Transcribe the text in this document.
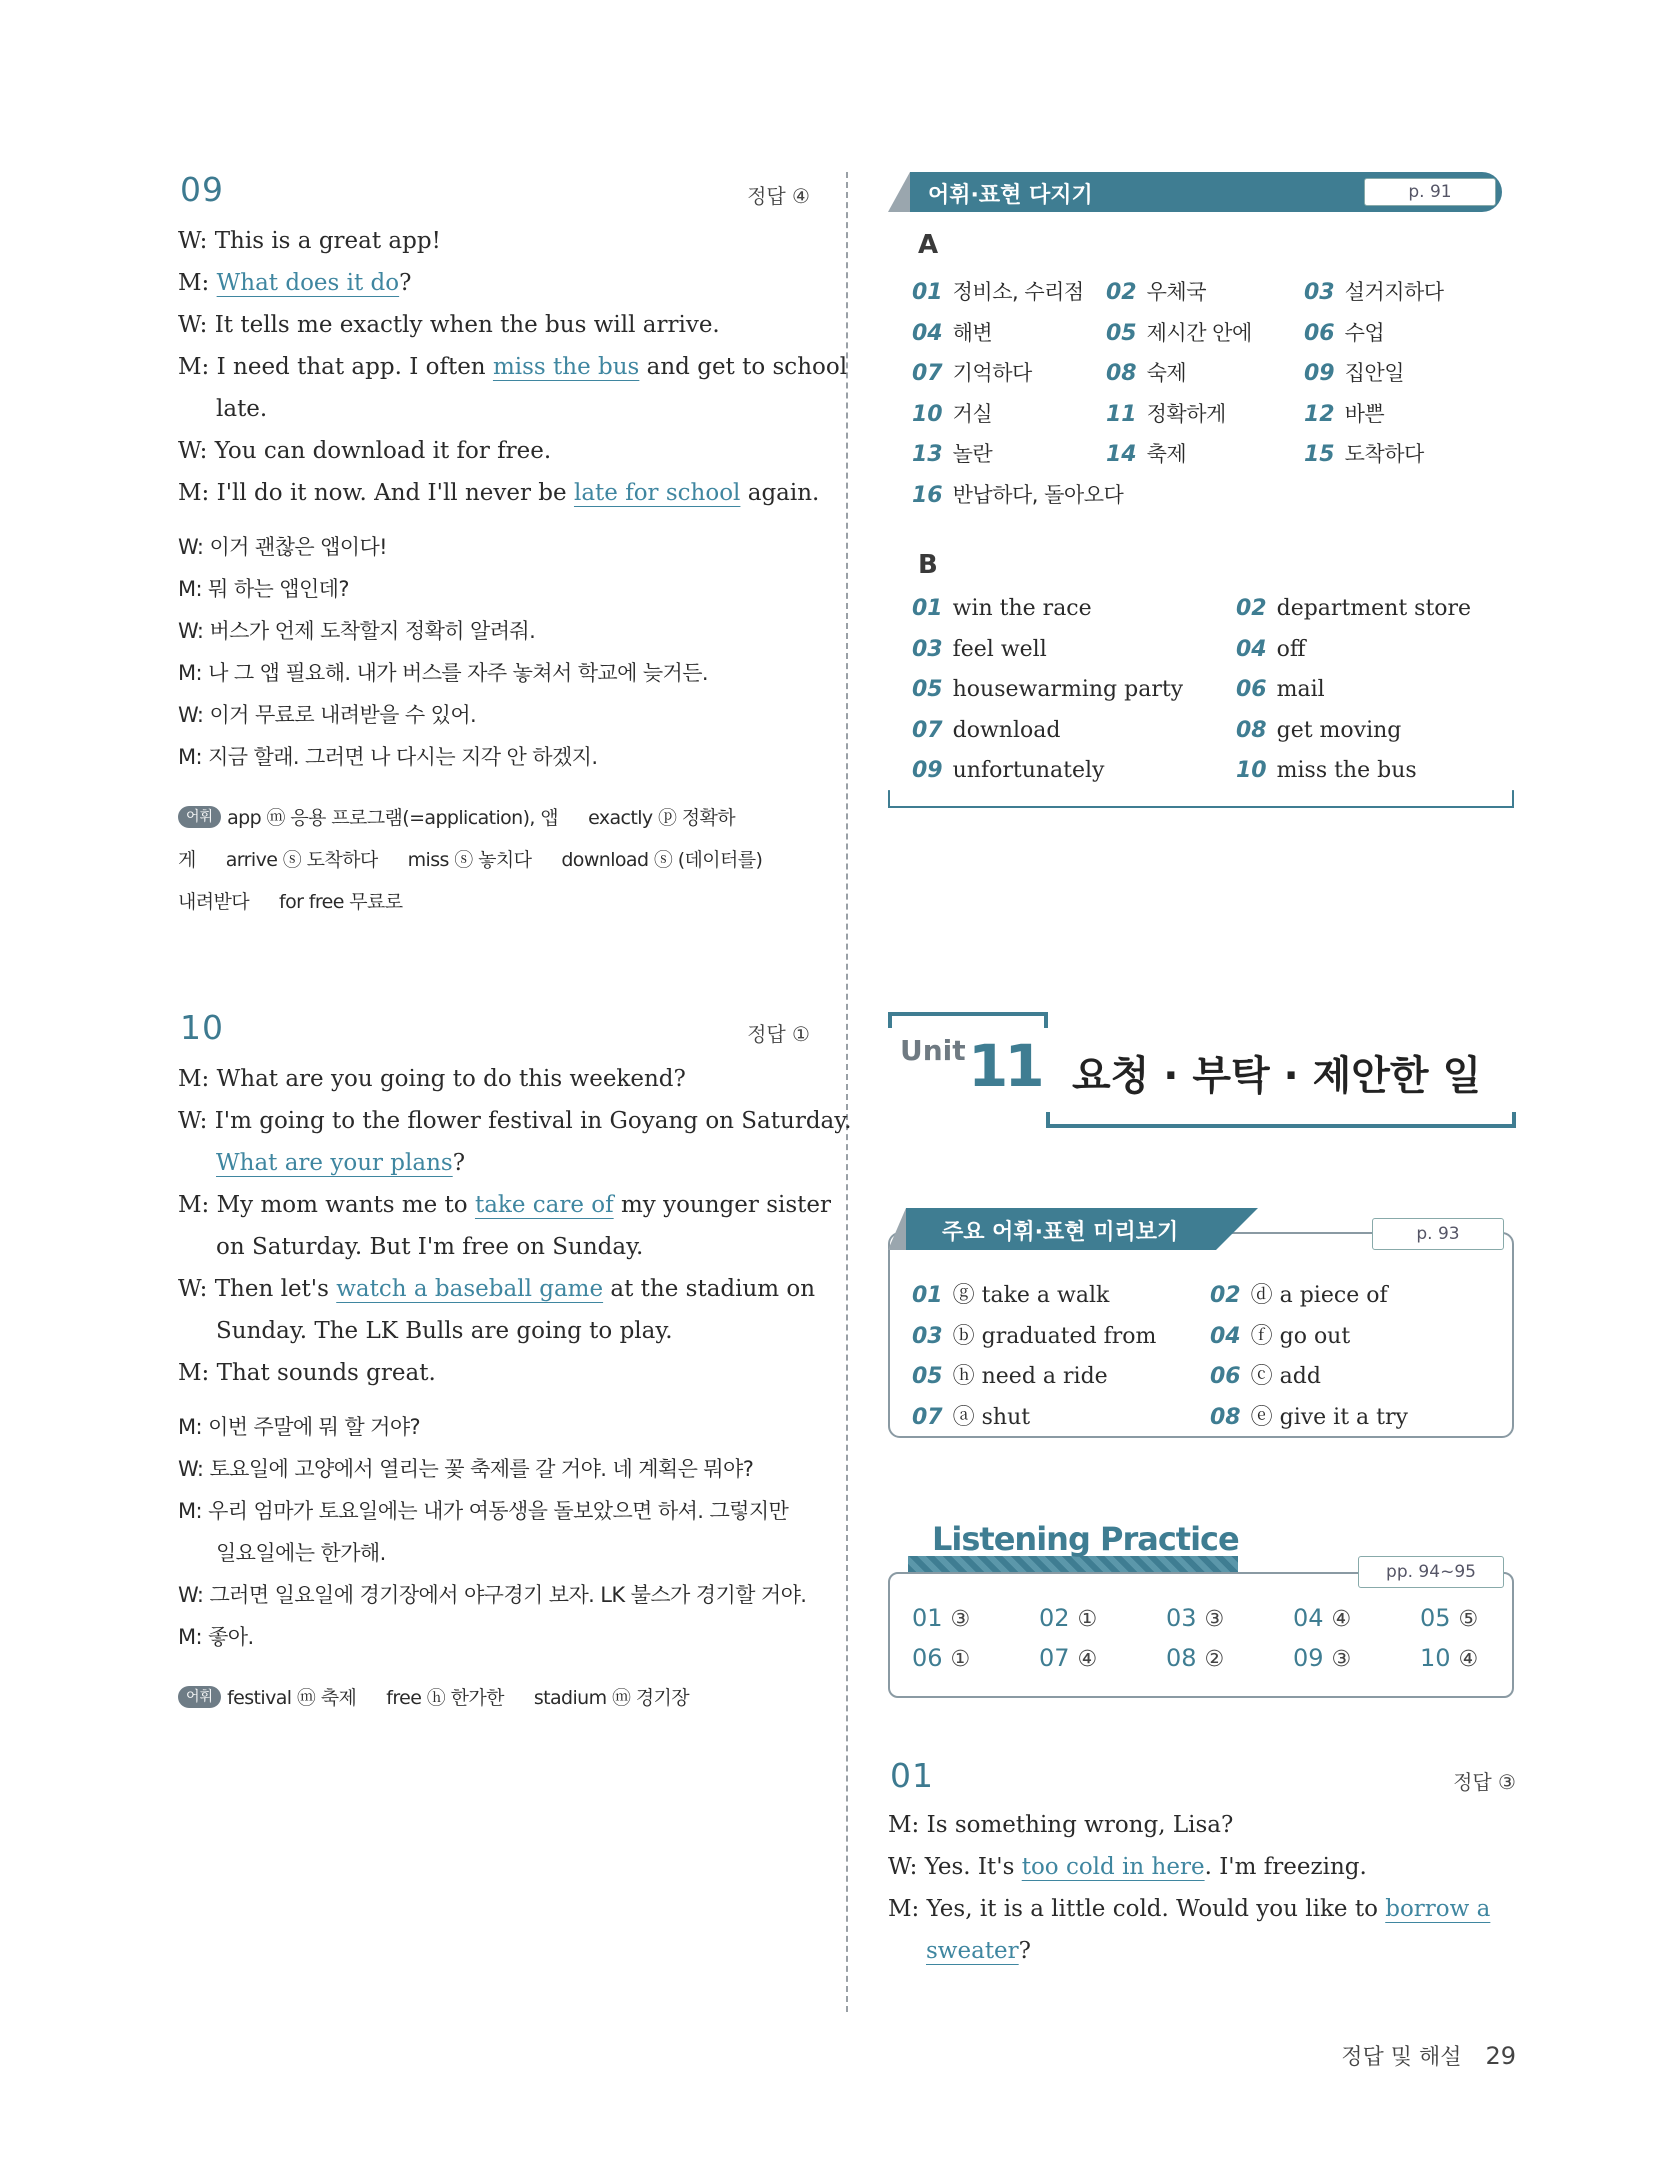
09	정답 ④
W: This is a great app!
M: What does it do?
W: It tells me exactly when the bus will arrive.
M: I need that app. I often miss the bus and get to school
late.
W: You can download it for free.
M: I'll do it now. And I'll never be late for school again.
W: 이거 괜찮은 앱이다!
M: 뭐 하는 앱인데?
W: 버스가 언제 도착할지 정확히 알려줘.
M: 나 그 앱 필요해. 내가 버스를 자주 놓쳐서 학교에 늦거든.
W: 이거 무료로 내려받을 수 있어.
M: 지금 할래. 그러면 나 다시는 지각 안 하겠지.
어휘 app ⓜ 응용 프로그램(=application), 앱 exactly ⓟ 정확하
게 arrive ⓢ 도착하다 miss ⓢ 놓치다 download ⓢ (데이터를)
내려받다 for free 무료로
10	정답 ①
M: What are you going to do this weekend?
W: I'm going to the flower festival in Goyang on Saturday.
What are your plans?
M: My mom wants me to take care of my younger sister
on Saturday. But I'm free on Sunday.
W: Then let's watch a baseball game at the stadium on
Sunday. The LK Bulls are going to play.
M: That sounds great.
M: 이번 주말에 뭐 할 거야?
W: 토요일에 고양에서 열리는 꽃 축제를 갈 거야. 네 계획은 뭐야?
M: 우리 엄마가 토요일에는 내가 여동생을 돌보았으면 하셔. 그렇지만
일요일에는 한가해.
W: 그러면 일요일에 경기장에서 야구경기 보자. LK 불스가 경기할 거야.
M: 좋아.
어휘 festival ⓜ 축제 free ⓗ 한가한 stadium ⓜ 경기장
어휘·표현 다지기	p. 91
A
01 정비소, 수리점 02 우체국	03 설거지하다
04 해변	05 제시간 안에 06 수업
07 기억하다	08 숙제	09 집안일
10 거실	11 정확하게	12 바쁜
13 놀란	14 축제	15 도착하다
16 반납하다, 돌아오다
B
01 win the race	02 department store
03 feel well	04 off
05 housewarming party 06 mail
07 download	08 get moving
09 unfortunately	10 miss the bus
Unit 11 요청 · 부탁 · 제안한 일
주요 어휘·표현 미리보기	p. 93
01 ⓖ take a walk	02 ⓓ a piece of
03 ⓑ graduated from 04 ⓕ go out
05 ⓗ need a ride	06 ⓒ add
07 ⓐ shut	08 ⓔ give it a try
Listening Practice
pp. 94~95
01 ③	02 ①	03 ③	04 ④	05 ⑤
06 ①	07 ④	08 ②	09 ③	10 ④
01	정답 ③
M: Is something wrong, Lisa?
W: Yes. It's too cold in here. I'm freezing.
M: Yes, it is a little cold. Would you like to borrow a
sweater?
정답 및 해설 29
